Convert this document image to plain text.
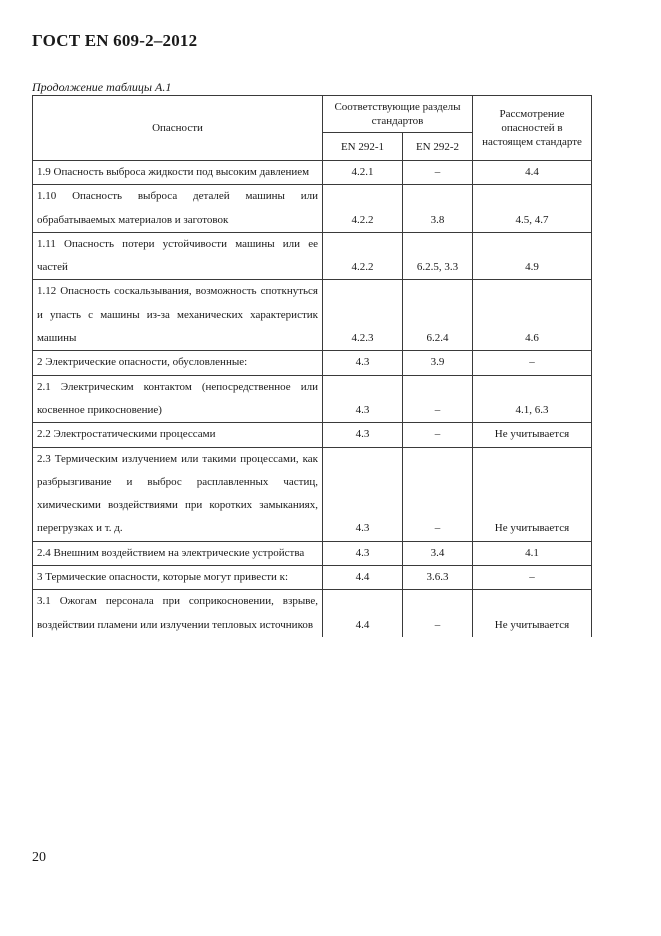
ГОСТ EN 609-2–2012
Продолжение таблицы А.1
Опасности	Соответствующие разделы стандартов		Рассмотрение опасностей в настоящем стандарте
	EN 292-1	EN 292-2	
1.9 Опасность выброса жидкости под высоким давлением	4.2.1	–	4.4
1.10 Опасность выброса деталей машины или обрабатываемых материалов и заготовок	4.2.2	3.8	4.5, 4.7
1.11 Опасность потери устойчивости машины или ее частей	4.2.2	6.2.5, 3.3	4.9
1.12 Опасность соскальзывания, возможность споткнуться и упасть с машины из-за механических характеристик машины	4.2.3	6.2.4	4.6
2 Электрические опасности, обусловленные:	4.3	3.9	–
2.1 Электрическим контактом (непосредственное или косвенное прикосновение)	4.3	–	4.1, 6.3
2.2 Электростатическими процессами	4.3	–	Не учитывается
2.3 Термическим излучением или такими процессами, как разбрызгивание и выброс расплавленных частиц, химическими воздействиями при коротких замыканиях, перегрузках и т. д.	4.3	–	Не учитывается
2.4 Внешним воздействием на электрические устройства	4.3	3.4	4.1
3 Термические опасности, которые могут привести к:	4.4	3.6.3	–
3.1 Ожогам персонала при соприкосновении, взрыве, воздействии пламени или излучении тепловых источников	4.4	–	Не учитывается
20
